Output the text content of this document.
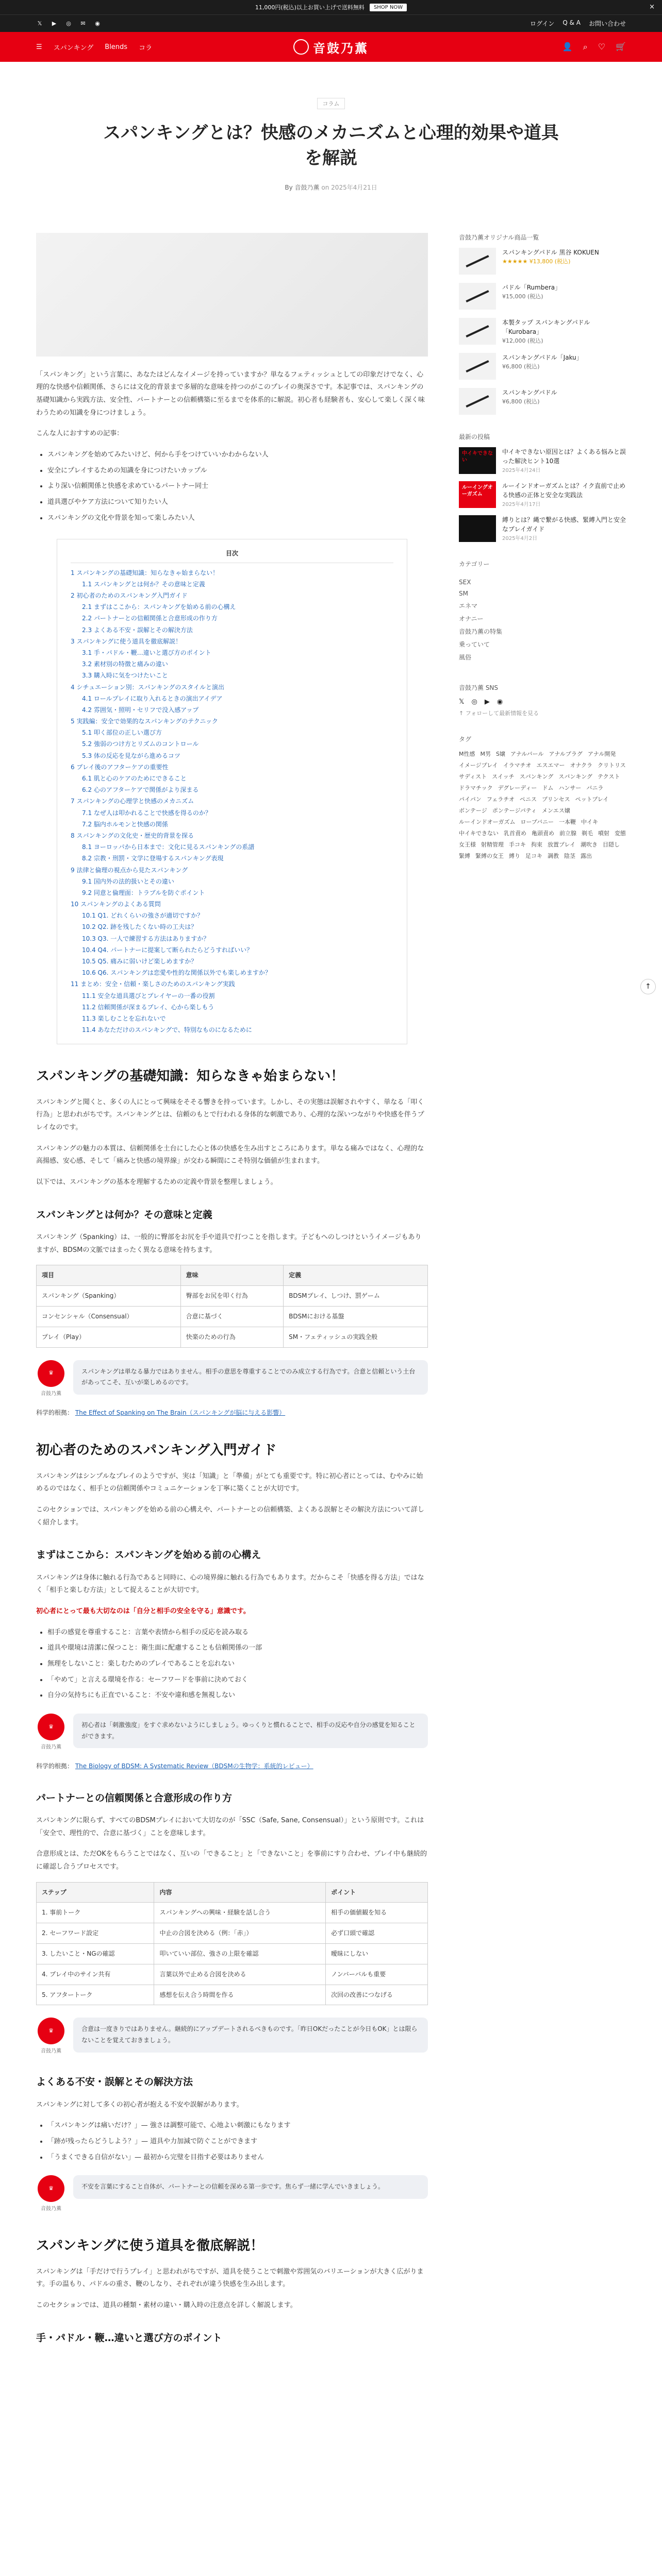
11,000円(税込)以上お買い上げで送料無料	SHOP NOW	×
𝕏 ▶ ◎ ✉ ◉	ログイン Q & A お問い合わせ
☰ スパンキング Blends コラ	音鼓乃薫	👤 ⌕ ♡ 🛒
コラム
スパンキングとは？快感のメカニズムと心理的効果や道具を解説
By 音鼓乃薫 on 2025年4月21日

「スパンキング」という言葉に、あなたはどんなイメージを持っていますか？単なるフェティッシュとしての印象だけでなく、心理的な快感や信頼関係、さらには文化的背景まで多層的な意味を持つのがこのプレイの奥深さです。本記事では、スパンキングの基礎知識から実践方法、安全性、パートナーとの信頼構築に至るまでを体系的に解説。初心者も経験者も、安心して楽しく深く味わうための知識を身につけましょう。

こんな人におすすめの記事：

• スパンキングを始めてみたいけど、何から手をつけていいかわからない人
• 安全にプレイするための知識を身につけたいカップル
• より深い信頼関係と快感を求めているパートナー同士
• 道具選びやケア方法について知りたい人
• スパンキングの文化や背景を知って楽しみたい人
目次
1 スパンキングの基礎知識：知らなきゃ始まらない！
1.1 スパンキングとは何か？その意味と定義
2 初心者のためのスパンキング入門ガイド
2.1 まずはここから：スパンキングを始める前の心構え
2.2 パートナーとの信頼関係と合意形成の作り方
2.3 よくある不安・誤解とその解決方法
3 スパンキングに使う道具を徹底解説！
3.1 手・パドル・鞭…違いと選び方のポイント
3.2 素材別の特徴と痛みの違い
3.3 購入時に気をつけたいこと
4 シチュエーション別：スパンキングのスタイルと演出
4.1 ロールプレイに取り入れるときの演出アイデア
4.2 雰囲気・照明・セリフで没入感アップ
5 実践編：安全で効果的なスパンキングのテクニック
5.1 叩く部位の正しい選び方
5.2 強弱のつけ方とリズムのコントロール
5.3 体の反応を見ながら進めるコツ
6 プレイ後のアフターケアの重要性
6.1 肌と心のケアのためにできること
6.2 心のアフターケアで関係がより深まる
7 スパンキングの心理学と快感のメカニズム
7.1 なぜ人は叩かれることで快感を得るのか？
7.2 脳内ホルモンと快感の関係
8 スパンキングの文化史・歴史的背景を探る
8.1 ヨーロッパから日本まで：文化に見るスパンキングの系譜
8.2 宗教・刑罰・文学に登場するスパンキング表現
9 法律と倫理の視点から見たスパンキング
9.1 国内外の法的扱いとその違い
9.2 同意と倫理面：トラブルを防ぐポイント
10 スパンキングのよくある質問
10.1 Q1. どれくらいの強さが適切ですか？
10.2 Q2. 跡を残したくない時の工夫は？
10.3 Q3. 一人で練習する方法はありますか？
10.4 Q4. パートナーに提案して断られたらどうすればいい？
10.5 Q5. 痛みに弱いけど楽しめますか？
10.6 Q6. スパンキングは恋愛や性的な関係以外でも楽しめますか？
11 まとめ：安全・信頼・楽しさのためのスパンキング実践
11.1 安全な道具選びとプレイヤーの一番の役割
11.2 信頼関係が深まるプレイ、心から楽しもう
11.3 楽しむことを忘れないで
11.4 あなただけのスパンキングで、特別なものになるために
スパンキングの基礎知識：知らなきゃ始まらない！

スパンキングと聞くと、多くの人にとって興味をそそる響きを持っています。しかし、その実態は誤解されやすく、単なる「叩く行為」と思われがちです。スパンキングとは、信頼のもとで行われる身体的な刺激であり、心理的な深いつながりや快感を伴うプレイなのです。

スパンキングの魅力の本質は、信頼関係を土台にした心と体の快感を生み出すところにあります。単なる痛みではなく、心理的な高揚感、安心感、そして「痛みと快感の境界線」が交わる瞬間にこそ特別な価値が生まれます。

以下では、スパンキングの基本を理解するための定義や背景を整理しましょう。

スパンキングとは何か？その意味と定義

スパンキング（Spanking）は、一般的に臀部をお尻を手や道具で打つことを指します。子どもへのしつけというイメージもありますが、BDSMの文脈ではまったく異なる意味を持ちます。

項目	意味	定義
スパンキング（Spanking）	臀部をお尻を叩く行為	BDSMプレイ、しつけ、罰ゲーム
コンセンシャル（Consensual）	合意に基づく	BDSMにおける基盤
プレイ（Play）	快楽のための行為	SM・フェティッシュの実践全般
♛
音鼓乃薫
スパンキングは単なる暴力ではありません。相手の意思を尊重することでのみ成立する行為です。合意と信頼という土台があってこそ、互いが楽しめるのです。
科学的根拠： The Effect of Spanking on The Brain（スパンキングが脳に与える影響）
初心者のためのスパンキング入門ガイド

スパンキングはシンプルなプレイのようですが、実は「知識」と「準備」がとても重要です。特に初心者にとっては、むやみに始めるのではなく、相手との信頼関係やコミュニケーションを丁寧に築くことが大切です。

このセクションでは、スパンキングを始める前の心構えや、パートナーとの信頼構築、よくある誤解とその解決方法について詳しく紹介します。

まずはここから：スパンキングを始める前の心構え

スパンキングは身体に触れる行為であると同時に、心の境界線に触れる行為でもあります。だからこそ「快感を得る方法」ではなく「相手と楽しむ方法」として捉えることが大切です。

初心者にとって最も大切なのは「自分と相手の安全を守る」意識です。

• 相手の感覚を尊重すること：言葉や表情から相手の反応を読み取る
• 道具や環境は清潔に保つこと：衛生面に配慮することも信頼関係の一部
• 無理をしないこと：楽しむためのプレイであることを忘れない
• 「やめて」と言える環境を作る：セーフワードを事前に決めておく
• 自分の気持ちにも正直でいること：不安や違和感を無視しない
♛
音鼓乃薫
初心者は「刺激強度」をすぐ求めないようにしましょう。ゆっくりと慣れることで、相手の反応や自分の感覚を知ることができます。
科学的根拠： The Biology of BDSM: A Systematic Review（BDSMの生物学：系統的レビュー）
パートナーとの信頼関係と合意形成の作り方

スパンキングに限らず、すべてのBDSMプレイにおいて大切なのが「SSC（Safe, Sane, Consensual）」という原則です。これは「安全で、理性的で、合意に基づく」ことを意味します。

合意形成とは、ただOKをもらうことではなく、互いの「できること」と「できないこと」を事前にすり合わせ、プレイ中も継続的に確認し合うプロセスです。

ステップ	内容	ポイント
1. 事前トーク	スパンキングへの興味・経験を話し合う	相手の価値観を知る
2. セーフワード設定	中止の合図を決める（例：「赤」）	必ず口頭で確認
3. したいこと・NGの確認	叩いていい部位、強さの上限を確認	曖昧にしない
4. プレイ中のサイン共有	言葉以外で止める合図を決める	ノンバーバルも重要
5. アフタートーク	感想を伝え合う時間を作る	次回の改善につなげる
♛
音鼓乃薫
合意は一度きりではありません。継続的にアップデートされるべきものです。「昨日OKだったことが今日もOK」とは限らないことを覚えておきましょう。
よくある不安・誤解とその解決方法

スパンキングに対して多くの初心者が抱える不安や誤解があります。

• 「スパンキングは痛いだけ？」— 強さは調整可能で、心地よい刺激にもなります
• 「跡が残ったらどうしよう？」— 道具や力加減で防ぐことができます
• 「うまくできる自信がない」— 最初から完璧を目指す必要はありません
♛
音鼓乃薫
不安を言葉にすること自体が、パートナーとの信頼を深める第一歩です。焦らず一緒に学んでいきましょう。
スパンキングに使う道具を徹底解説！

スパンキングは「手だけで行うプレイ」と思われがちですが、道具を使うことで刺激や雰囲気のバリエーションが大きく広がります。手の温もり、パドルの重さ、鞭のしなり、それぞれが違う快感を生み出します。

このセクションでは、道具の種類・素材の違い・購入時の注意点を詳しく解説します。

手・パドル・鞭…違いと選び方のポイント
音鼓乃薫オリジナル商品一覧
スパンキングパドル 黒谷 KOKUEN
★★★★★ ¥13,800 (税込)
パドル「Rumbera」
¥15,000 (税込)
本製タップ スパンキングパドル「Kurobara」
¥12,000 (税込)
スパンキングパドル「Jaku」
¥6,800 (税込)
スパンキングパドル
¥6,800 (税込)
最新の投稿
中イキできない
中イキできない原因とは？よくある悩みと誤った解決ヒント10選
2025年4月24日
ルーイングオーガズム
ルーインドオーガズムとは？イク直前で止める快感の正体と安全な実践法
2025年4月17日
縛りとは？縄で繋がる快感、緊縛入門と安全なプレイガイド
2025年4月2日
カテゴリー
SEX
SM
エネマ
オナニー
音鼓乃薫の特集
乗っていて
風俗
音鼓乃薫 SNS
𝕏 ◎ ▶ ◉
↑ フォローして最新情報を見る
タグ
M性感 M男 S嬢 アナルバール アナルプラグ アナル開発
イメージプレイ イラマチオ エスエマー オナクラ クリトリス
サディスト スイッチ スパンキング スパンキング テクスト
ドラマチック デグレーディー ドム ハンサー バニラ
パイパン フェラチオ ペニス プリンセス ペットプレイ
ボンテージ ポンテージパティ メンエス嬢
ルーインドオーガズム ロープバニー 一本鞭 中イキ
中イキできない 乳首責め 亀頭責め 前立腺 剃毛 噴射 変態
女王様 射精管理 手コキ 拘束 放置プレイ 潮吹き 目隠し
緊縛 緊縛の女王 縛り 足コキ 調教 陰茎 露出
↑
